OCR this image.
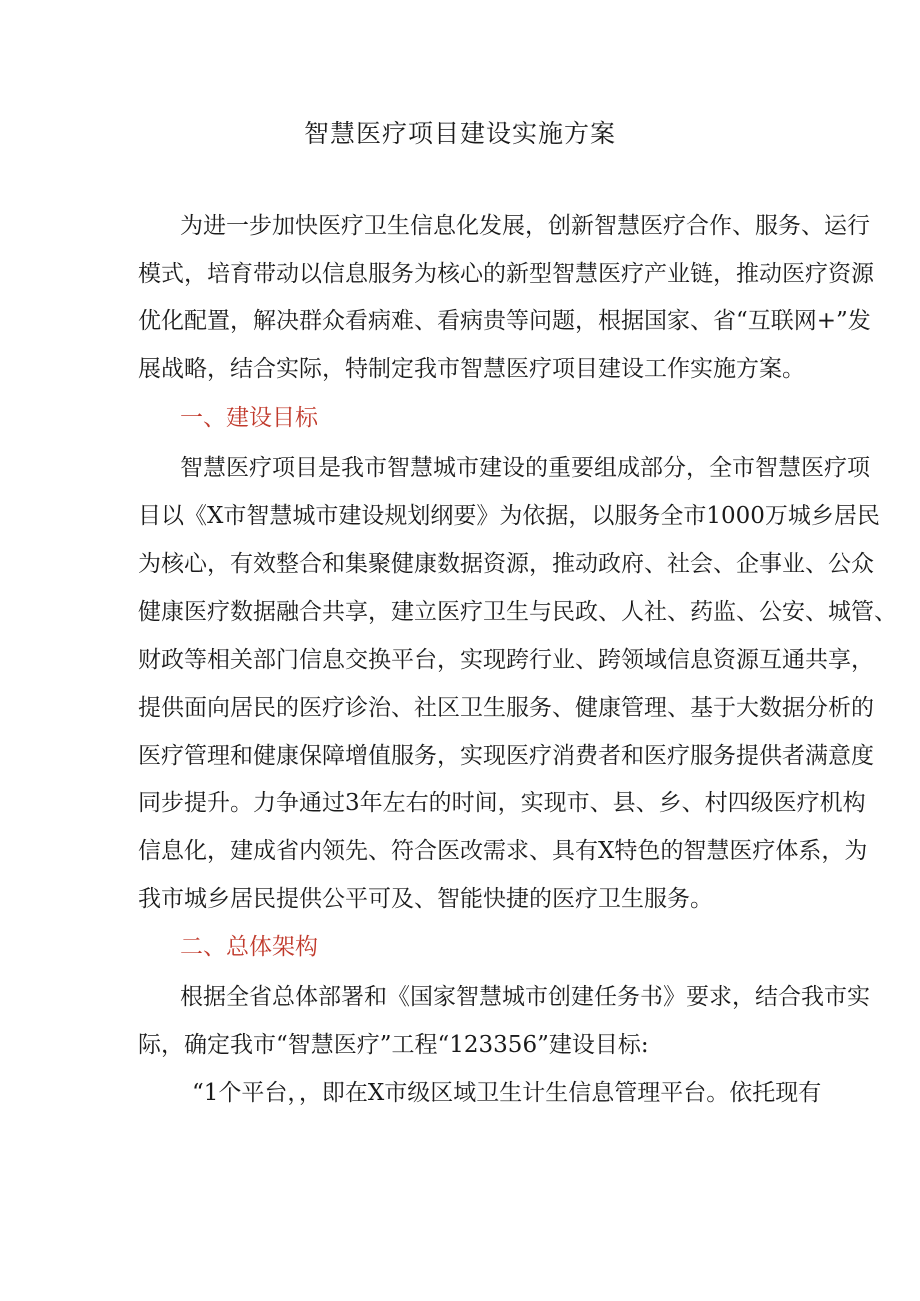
智慧医疗项目建设实施方案
为进一步加快医疗卫生信息化发展，创新智慧医疗合作、服务、运行
模式，培育带动以信息服务为核心的新型智慧医疗产业链，推动医疗资源
优化配置，解决群众看病难、看病贵等问题，根据国家、省“互联网+”发
展战略，结合实际，特制定我市智慧医疗项目建设工作实施方案。
一、建设目标
智慧医疗项目是我市智慧城市建设的重要组成部分，全市智慧医疗项
目以《X市智慧城市建设规划纲要》为依据，以服务全市1000万城乡居民
为核心，有效整合和集聚健康数据资源，推动政府、社会、企事业、公众
健康医疗数据融合共享，建立医疗卫生与民政、人社、药监、公安、城管、
财政等相关部门信息交换平台，实现跨行业、跨领域信息资源互通共享，
提供面向居民的医疗诊治、社区卫生服务、健康管理、基于大数据分析的
医疗管理和健康保障增值服务，实现医疗消费者和医疗服务提供者满意度
同步提升。力争通过3年左右的时间，实现市、县、乡、村四级医疗机构
信息化，建成省内领先、符合医改需求、具有X特色的智慧医疗体系，为
我市城乡居民提供公平可及、智能快捷的医疗卫生服务。
二、总体架构
根据全省总体部署和《国家智慧城市创建任务书》要求，结合我市实
际，确定我市“智慧医疗”工程“123356”建设目标:
“1个平台，，即在X市级区域卫生计生信息管理平台。依托现有
